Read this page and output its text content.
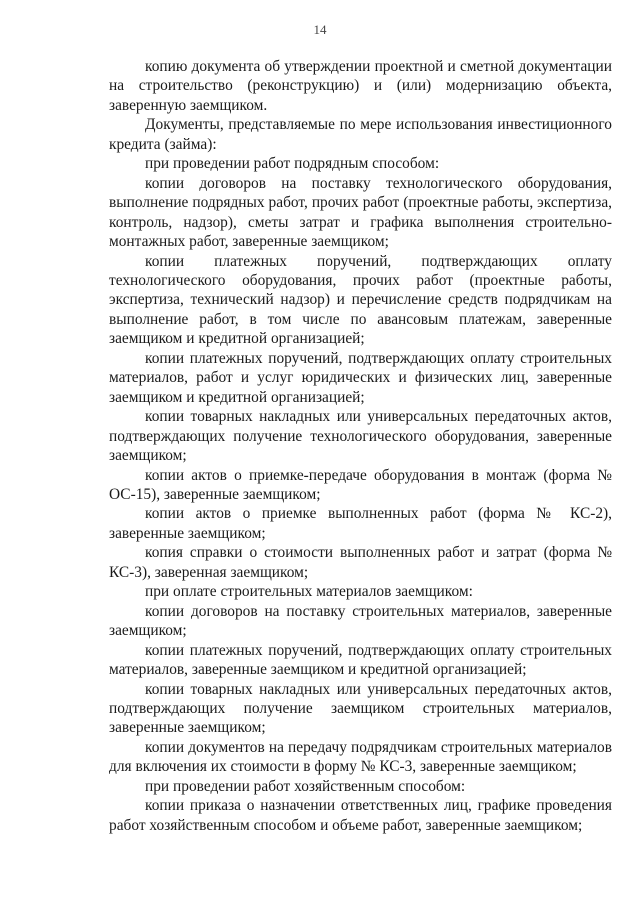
14

копию документа об утверждении проектной и сметной документации на строительство (реконструкцию) и (или) модернизацию объекта, заверенную заемщиком.

Документы, представляемые по мере использования инвестиционного кредита (займа):

при проведении работ подрядным способом:

копии договоров на поставку технологического оборудования, выполнение подрядных работ, прочих работ (проектные работы, экспертиза, контроль, надзор), сметы затрат и графика выполнения строительно-монтажных работ, заверенные заемщиком;

копии платежных поручений, подтверждающих оплату технологического оборудования, прочих работ (проектные работы, экспертиза, технический надзор) и перечисление средств подрядчикам на выполнение работ, в том числе по авансовым платежам, заверенные заемщиком и кредитной организацией;

копии платежных поручений, подтверждающих оплату строительных материалов, работ и услуг юридических и физических лиц, заверенные заемщиком и кредитной организацией;

копии товарных накладных или универсальных передаточных актов, подтверждающих получение технологического оборудования, заверенные заемщиком;

копии актов о приемке-передаче оборудования в монтаж (форма № ОС-15), заверенные заемщиком;

копии актов о приемке выполненных работ (форма № КС-2), заверенные заемщиком;

копия справки о стоимости выполненных работ и затрат (форма № КС-3), заверенная заемщиком;

при оплате строительных материалов заемщиком:

копии договоров на поставку строительных материалов, заверенные заемщиком;

копии платежных поручений, подтверждающих оплату строительных материалов, заверенные заемщиком и кредитной организацией;

копии товарных накладных или универсальных передаточных актов, подтверждающих получение заемщиком строительных материалов, заверенные заемщиком;

копии документов на передачу подрядчикам строительных материалов для включения их стоимости в форму № КС-3, заверенные заемщиком;

при проведении работ хозяйственным способом:

копии приказа о назначении ответственных лиц, графике проведения работ хозяйственным способом и объеме работ, заверенные заемщиком;
